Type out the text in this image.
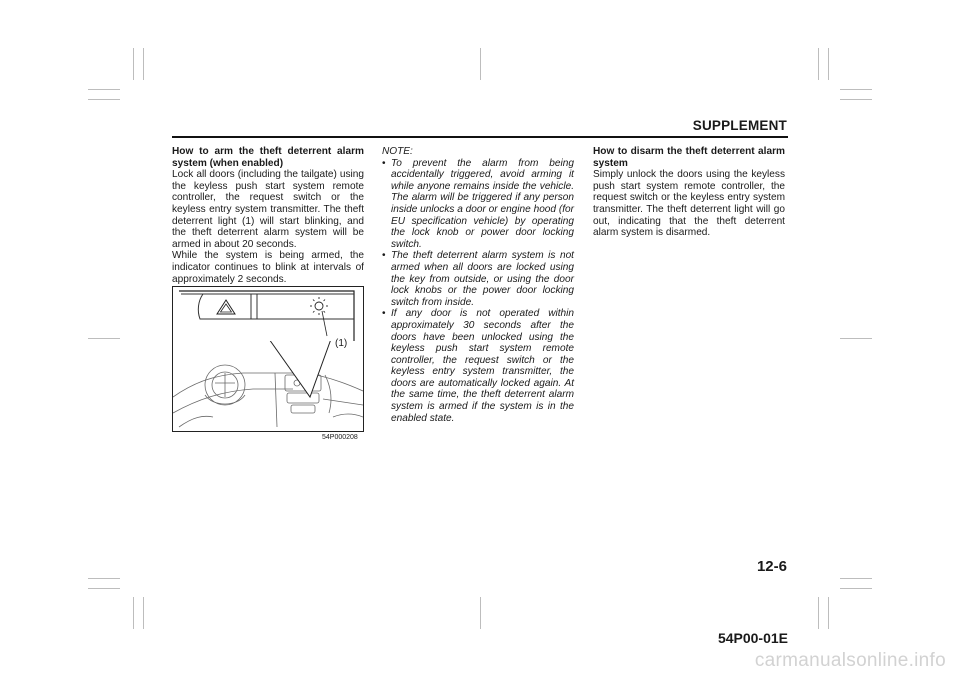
SUPPLEMENT

How to arm the theft deterrent alarm system (when enabled)

Lock all doors (including the tailgate) using the keyless push start system remote controller, the request switch or the keyless entry system transmitter. The theft deterrent light (1) will start blinking, and the theft deterrent alarm system will be armed in about 20 seconds.

While the system is being armed, the indicator continues to blink at intervals of approximately 2 seconds.

(1)
54P000208
NOTE:
• To prevent the alarm from being accidentally triggered, avoid arming it while anyone remains inside the vehicle. The alarm will be triggered if any person inside unlocks a door or engine hood (for EU specification vehicle) by operating the lock knob or power door locking switch.
• The theft deterrent alarm system is not armed when all doors are locked using the key from outside, or using the door lock knobs or the power door locking switch from inside.
• If any door is not operated within approximately 30 seconds after the doors have been unlocked using the keyless push start system remote controller, the request switch or the keyless entry system transmitter, the doors are automatically locked again. At the same time, the theft deterrent alarm system is armed if the system is in the enabled state.

How to disarm the theft deterrent alarm system

Simply unlock the doors using the keyless push start system remote controller, the request switch or the keyless entry system transmitter. The theft deterrent light will go out, indicating that the theft deterrent alarm system is disarmed.

12-6
54P00-01E
carmanualsonline.info
